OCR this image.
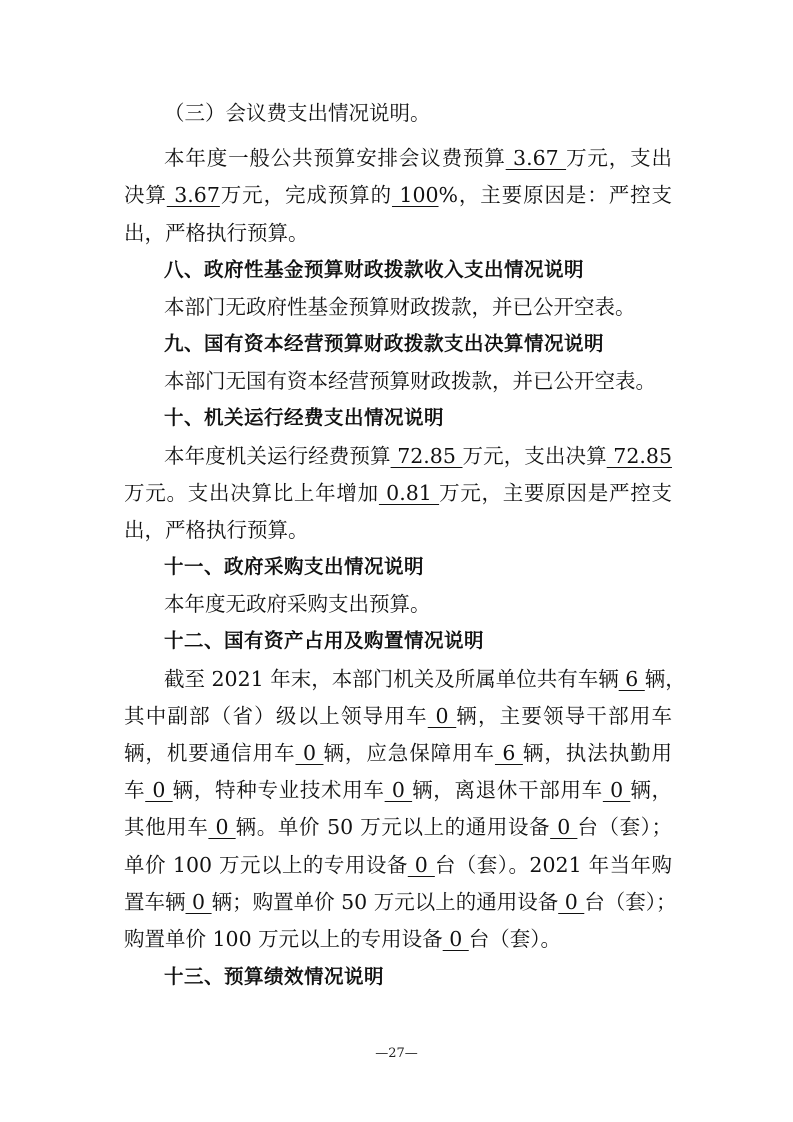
（三）会议费支出情况说明。
本年度一般公共预算安排会议费预算 3.67 万元，支出
决算 3.67万元，完成预算的 100%，主要原因是：严控支
出，严格执行预算。
八、政府性基金预算财政拨款收入支出情况说明
本部门无政府性基金预算财政拨款，并已公开空表。
九、国有资本经营预算财政拨款支出决算情况说明
本部门无国有资本经营预算财政拨款，并已公开空表。
十、机关运行经费支出情况说明
本年度机关运行经费预算 72.85 万元，支出决算 72.85
万元。支出决算比上年增加 0.81 万元，主要原因是严控支
出，严格执行预算。
十一、政府采购支出情况说明
本年度无政府采购支出预算。
十二、国有资产占用及购置情况说明
截至 2021 年末，本部门机关及所属单位共有车辆 6 辆，
其中副部（省）级以上领导用车 0 辆，主要领导干部用车
辆，机要通信用车 0 辆，应急保障用车 6 辆，执法执勤用
车 0 辆，特种专业技术用车 0 辆，离退休干部用车 0 辆，
其他用车 0 辆。单价 50 万元以上的通用设备 0 台（套）；
单价 100 万元以上的专用设备 0 台（套）。2021 年当年购
置车辆 0 辆；购置单价 50 万元以上的通用设备 0 台（套）；
购置单价 100 万元以上的专用设备 0 台（套）。
十三、预算绩效情况说明
—27—
